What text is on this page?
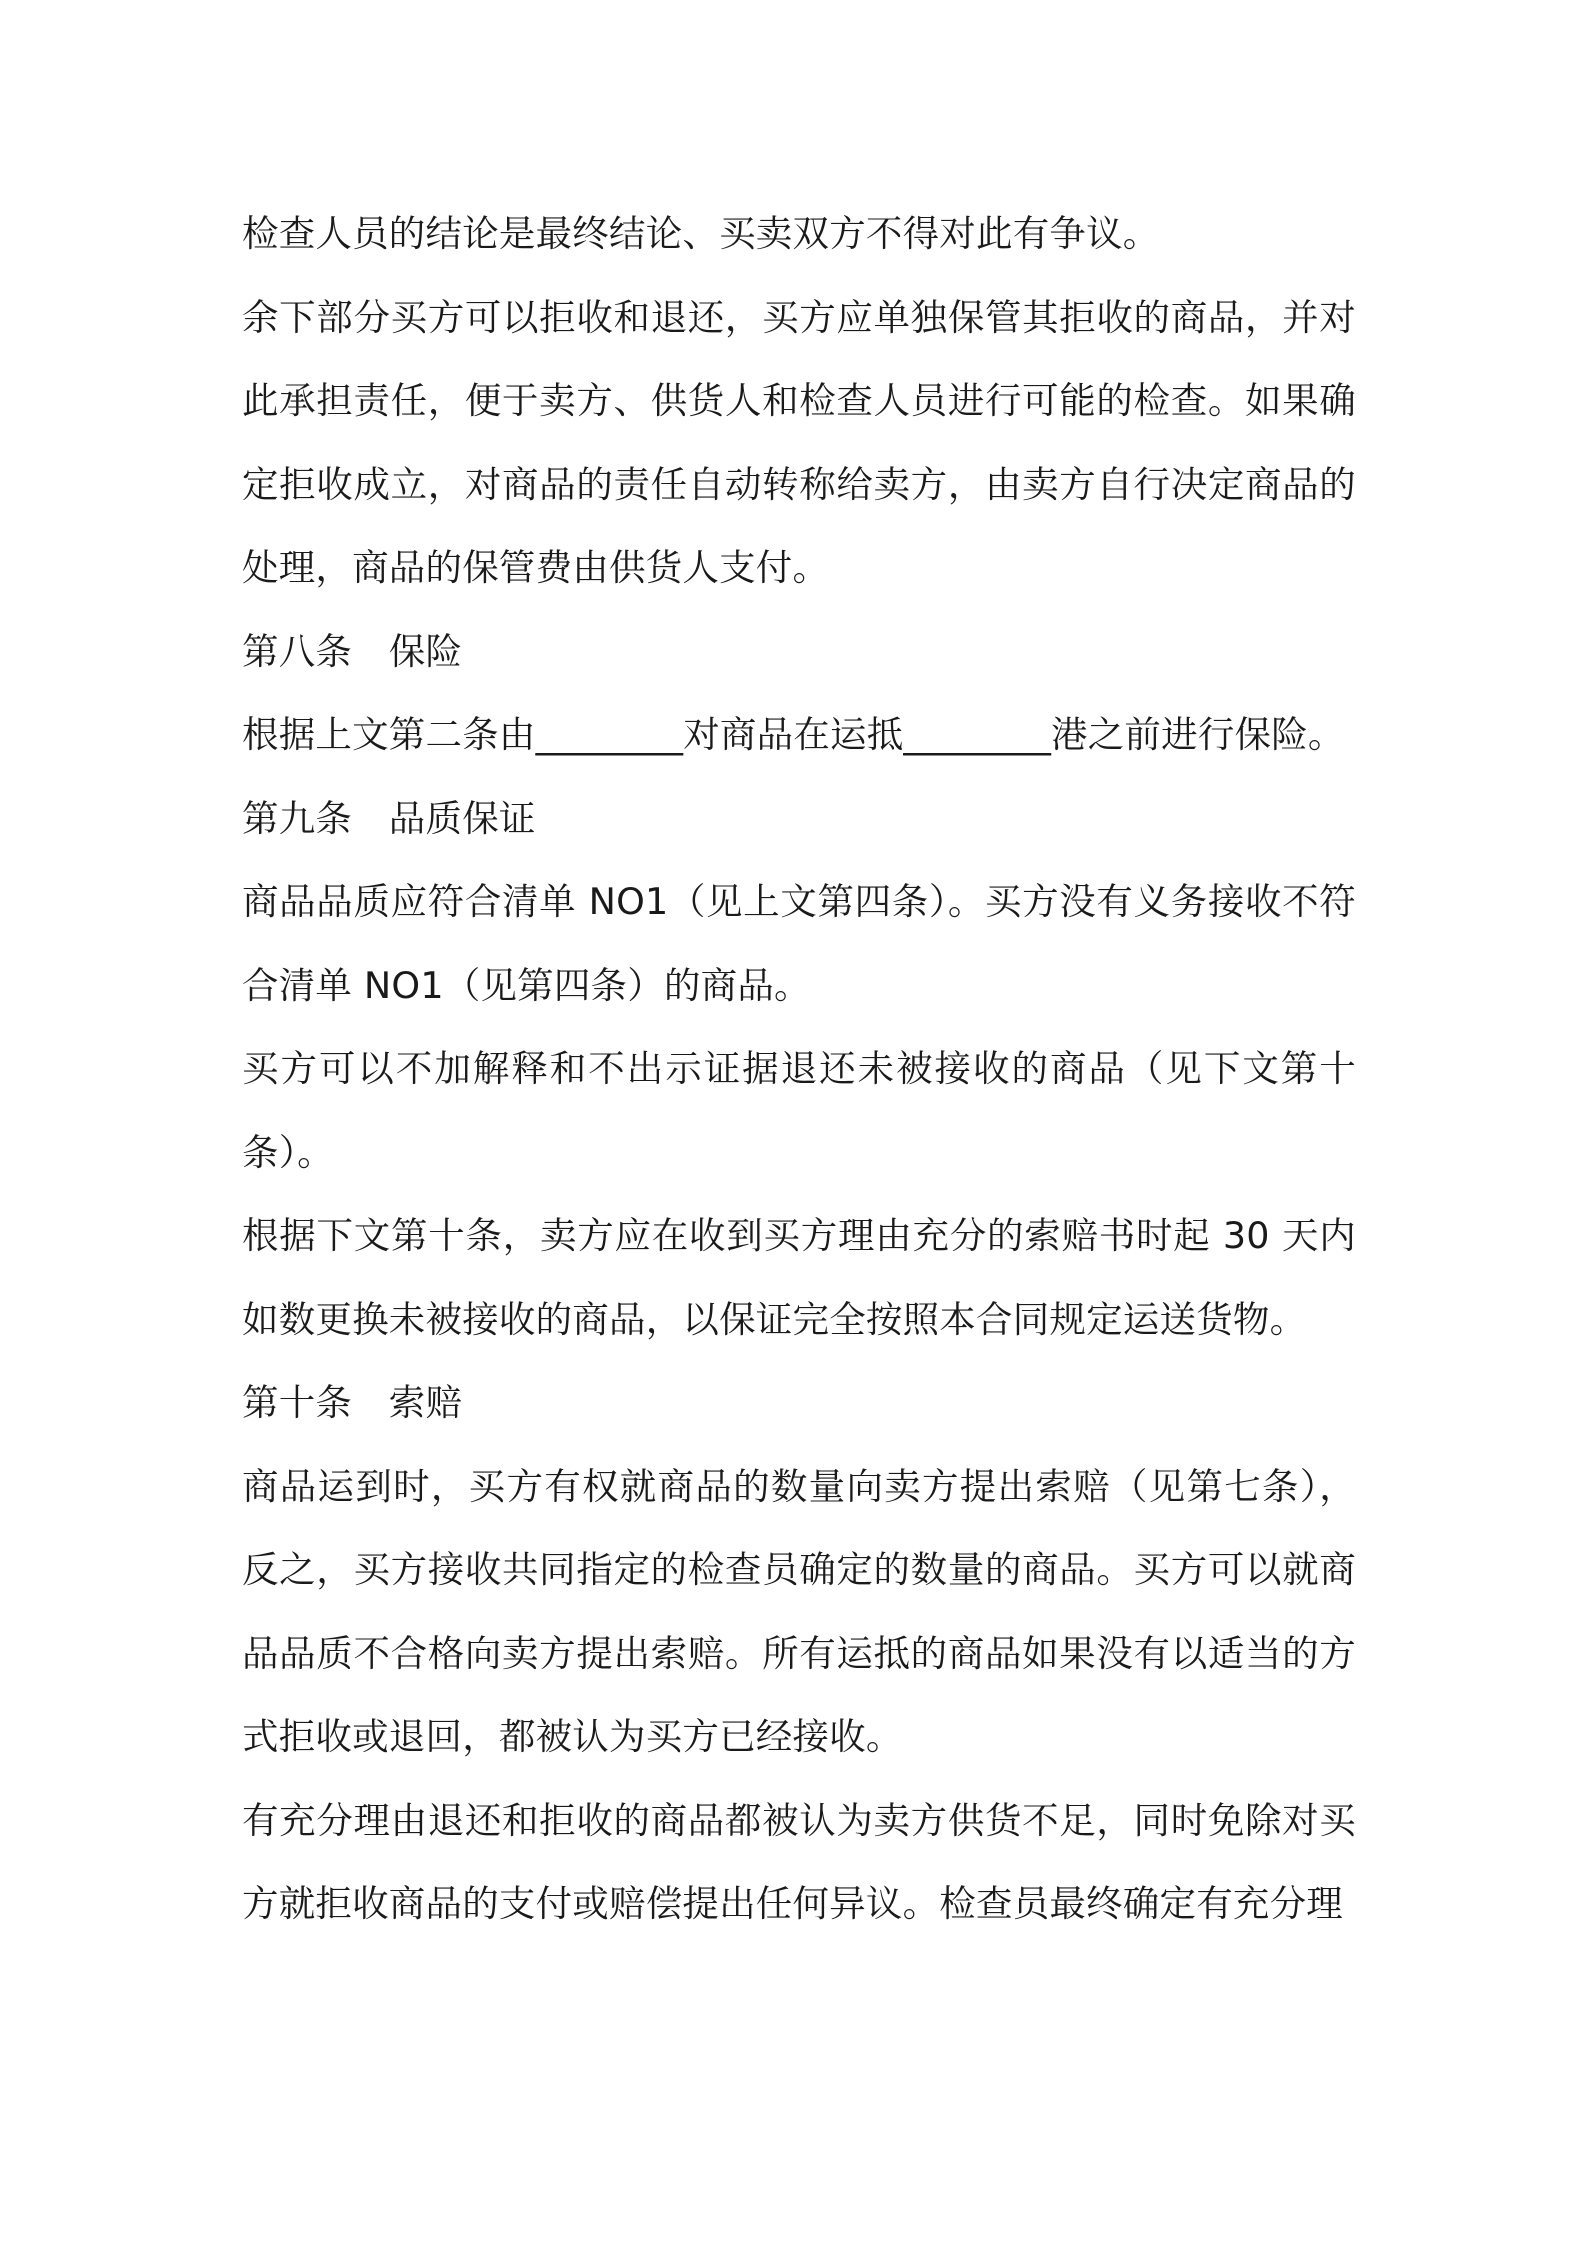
检查人员的结论是最终结论、买卖双方不得对此有争议。

余下部分买方可以拒收和退还，买方应单独保管其拒收的商品，并对此承担责任，便于卖方、供货人和检查人员进行可能的检查。如果确定拒收成立，对商品的责任自动转称给卖方，由卖方自行决定商品的处理，商品的保管费由供货人支付。

第八条　保险

根据上文第二条由________对商品在运抵________港之前进行保险。

第九条　品质保证

商品品质应符合清单 NO1（见上文第四条）。买方没有义务接收不符合清单 NO1（见第四条）的商品。

买方可以不加解释和不出示证据退还未被接收的商品（见下文第十条）。

根据下文第十条，卖方应在收到买方理由充分的索赔书时起 30 天内如数更换未被接收的商品，以保证完全按照本合同规定运送货物。

第十条　索赔

商品运到时，买方有权就商品的数量向卖方提出索赔（见第七条），反之，买方接收共同指定的检查员确定的数量的商品。买方可以就商品品质不合格向卖方提出索赔。所有运抵的商品如果没有以适当的方式拒收或退回，都被认为买方已经接收。

有充分理由退还和拒收的商品都被认为卖方供货不足，同时免除对买方就拒收商品的支付或赔偿提出任何异议。检查员最终确定有充分理
